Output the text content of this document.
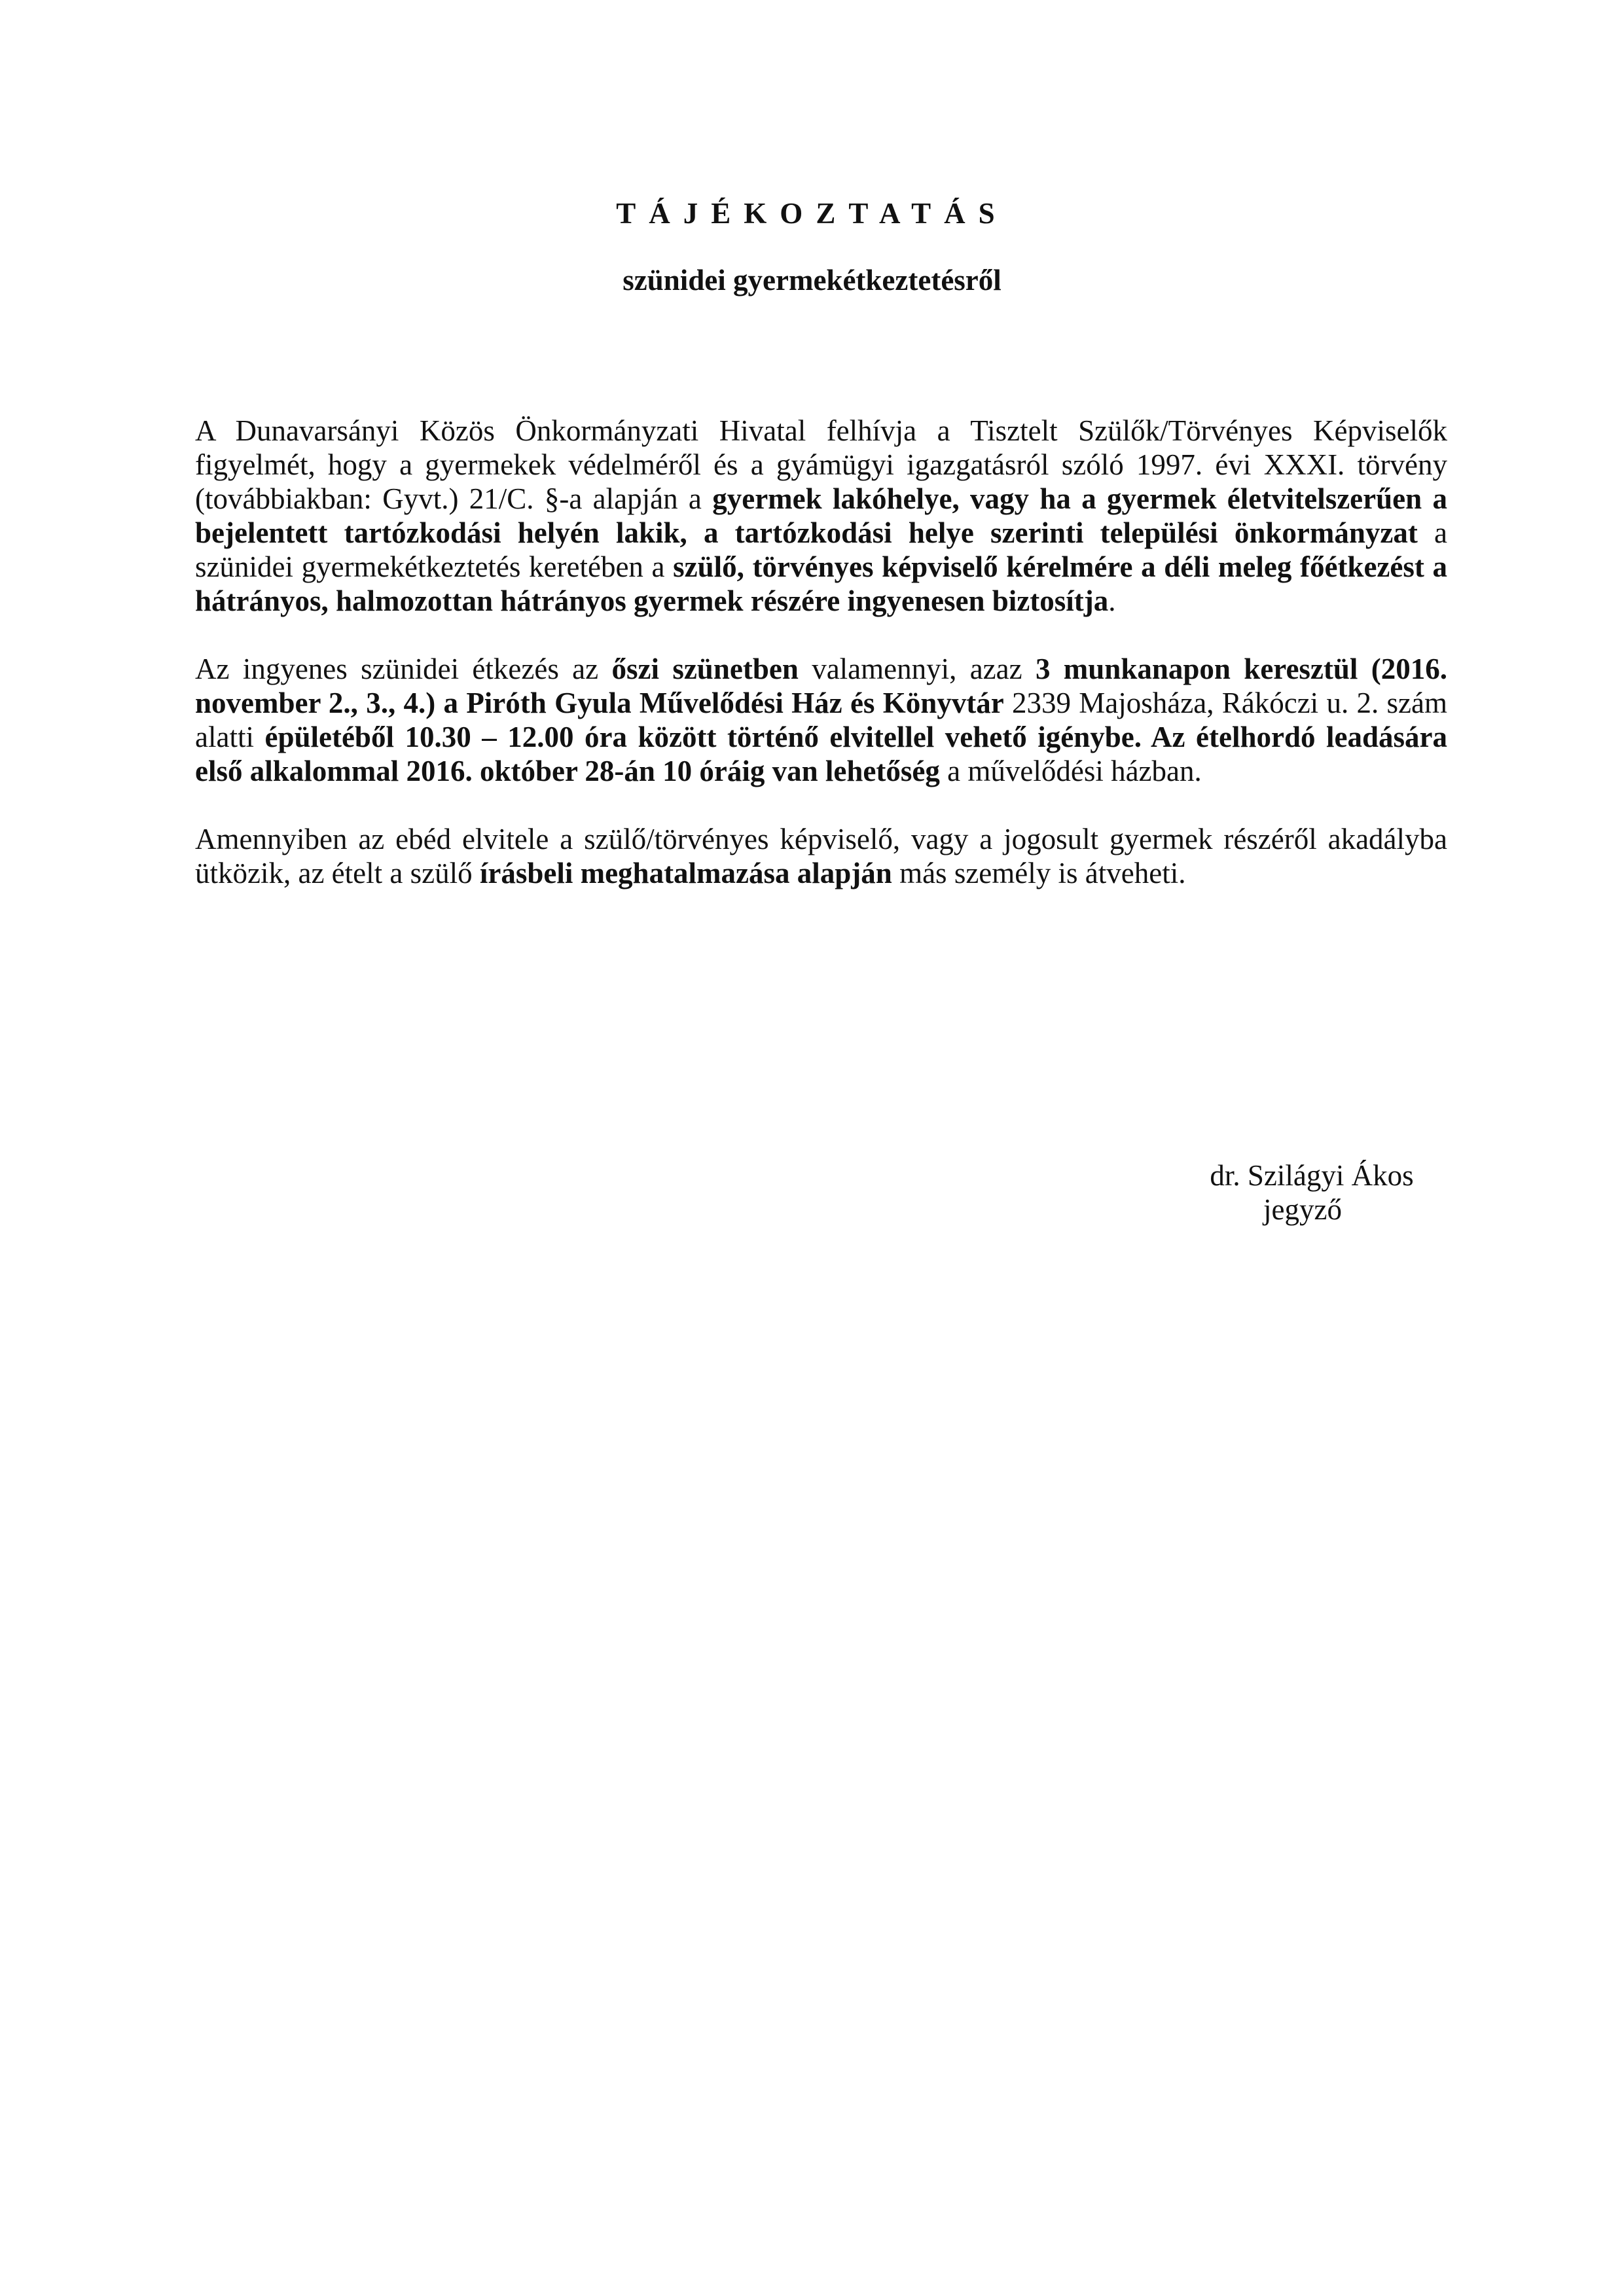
TÁJÉKOZTATÁS
szünidei gyermekétkeztetésről

A Dunavarsányi Közös Önkormányzati Hivatal felhívja a Tisztelt Szülők/Törvényes Képviselők figyelmét, hogy a gyermekek védelméről és a gyámügyi igazgatásról szóló 1997. évi XXXI. törvény (továbbiakban: Gyvt.) 21/C. §-a alapján a gyermek lakóhelye, vagy ha a gyermek életvitelszerűen a bejelentett tartózkodási helyén lakik, a tartózkodási helye szerinti települési önkormányzat a szünidei gyermekétkeztetés keretében a szülő, törvényes képviselő kérelmére a déli meleg főétkezést a hátrányos, halmozottan hátrányos gyermek részére ingyenesen biztosítja.

Az ingyenes szünidei étkezés az őszi szünetben valamennyi, azaz 3 munkanapon keresztül (2016. november 2., 3., 4.) a Piróth Gyula Művelődési Ház és Könyvtár 2339 Majosháza, Rákóczi u. 2. szám alatti épületéből 10.30 – 12.00 óra között történő elvitellel vehető igénybe. Az ételhordó leadására első alkalommal 2016. október 28-án 10 óráig van lehetőség a művelődési házban.

Amennyiben az ebéd elvitele a szülő/törvényes képviselő, vagy a jogosult gyermek részéről akadályba ütközik, az ételt a szülő írásbeli meghatalmazása alapján más személy is átveheti.

dr. Szilágyi Ákos
jegyző
